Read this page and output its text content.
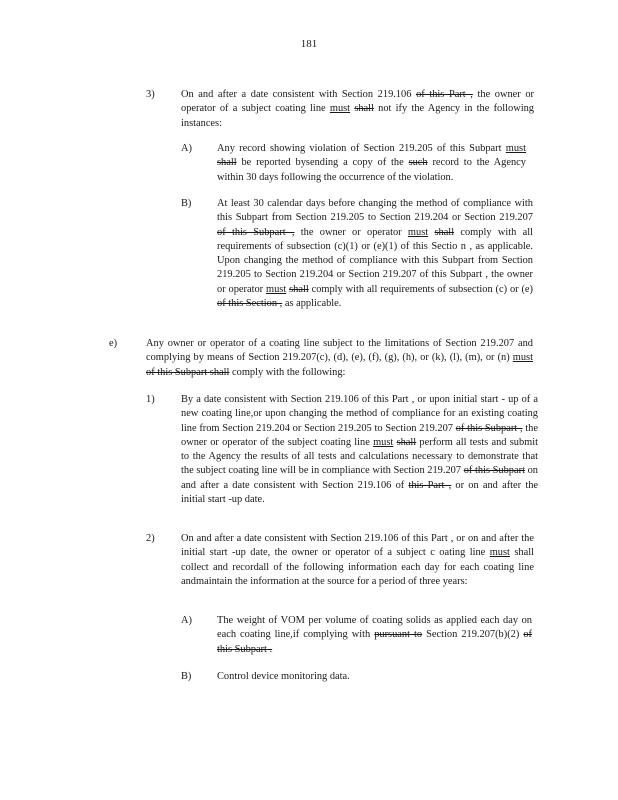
181
3)	On and after a date consistent with Section 219.106 of this Part , the owner or operator of a subject coating line must shall not ify the Agency in the following instances:
A) Any record showing violation of Section 219.205 of this Subpart must shall be reported bysending a copy of the such record to the Agency within 30 days following the occurrence of the violation.
B) At least 30 calendar days before changing the method of compliance with this Subpart from Section 219.205 to Section 219.204 or Section 219.207 of this Subpart , the owner or operator must shall comply with all requirements of subsection (c)(1) or (e)(1) of this Sectio n , as applicable. Upon changing the method of compliance with this Subpart from Section 219.205 to Section 219.204 or Section 219.207 of this Subpart , the owner or operator must shall comply with all requirements of subsection (c) or (e) of this Section , as applicable.
e)	Any owner or operator of a coating line subject to the limitations of Section 219.207 and complying by means of Section 219.207(c), (d), (e), (f), (g), (h), or (k), (l), (m), or (n) must of this Subpart shall comply with the following:
1)	By a date consistent with Section 219.106 of this Part , or upon initial start - up of a new coating line,or upon changing the method of compliance for an existing coating line from Section 219.204 or Section 219.205 to Section 219.207 of this Subpart , the owner or operator of the subject coating line must shall perform all tests and submit to the Agency the results of all tests and calculations necessary to demonstrate that the subject coating line will be in compliance with Section 219.207 of this Subpart on and after a date consistent with Section 219.106 of this Part , or on and after the initial start -up date.
2)	On and after a date consistent with Section 219.106 of this Part , or on and after the initial start -up date, the owner or operator of a subject c oating line must shall collect and recordall of the following information each day for each coating line andmaintain the information at the source for a period of three years:
A) The weight of VOM per volume of coating solids as applied each day on each coating line,if complying with pursuant to Section 219.207(b)(2) of this Subpart .
B) Control device monitoring data.
